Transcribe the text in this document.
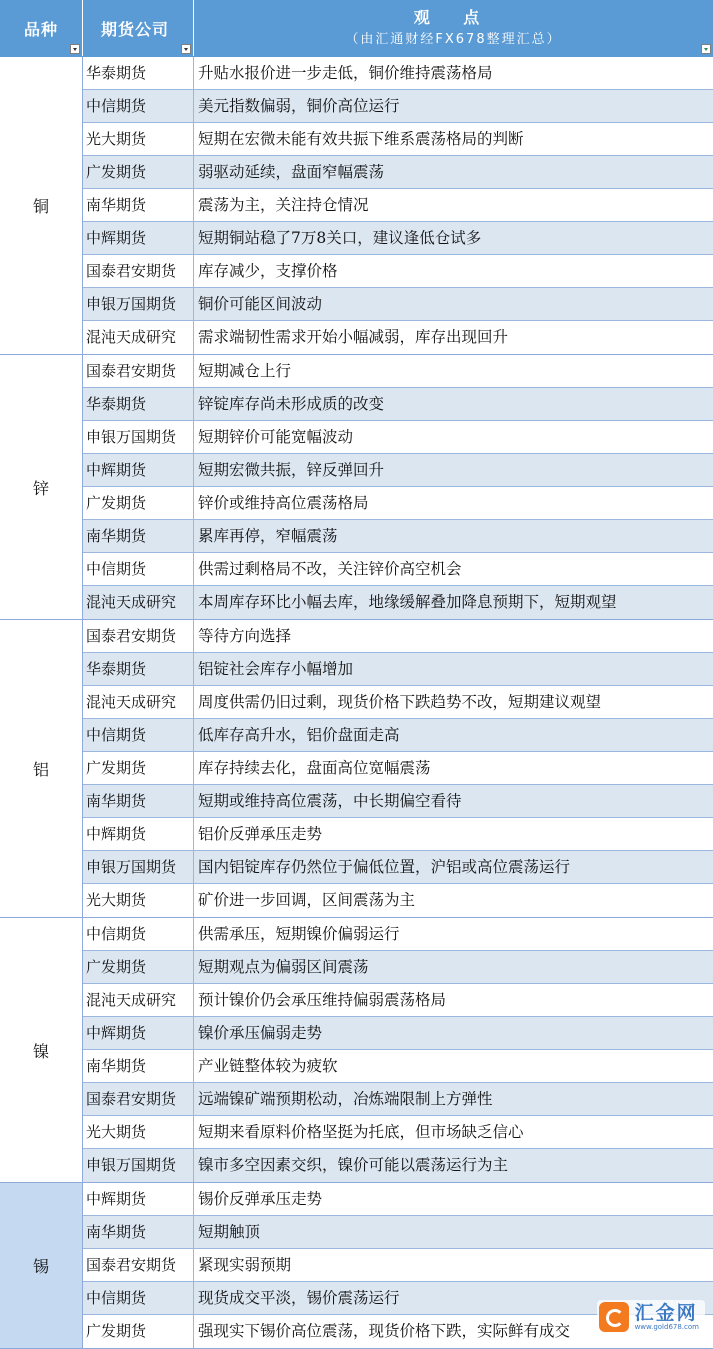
品种	期货公司
观 点
（由汇通财经FX678整理汇总）
铜
华泰期货	升贴水报价进一步走低，铜价维持震荡格局
中信期货	美元指数偏弱，铜价高位运行
光大期货	短期在宏微未能有效共振下维系震荡格局的判断
广发期货	弱驱动延续，盘面窄幅震荡
南华期货	震荡为主，关注持仓情况
中辉期货	短期铜站稳了7万8关口，建议逢低仓试多
国泰君安期货	库存减少，支撑价格
申银万国期货	铜价可能区间波动
混沌天成研究	需求端韧性需求开始小幅减弱，库存出现回升
锌
国泰君安期货	短期减仓上行
华泰期货	锌锭库存尚未形成质的改变
申银万国期货	短期锌价可能宽幅波动
中辉期货	短期宏微共振，锌反弹回升
广发期货	锌价或维持高位震荡格局
南华期货	累库再停，窄幅震荡
中信期货	供需过剩格局不改，关注锌价高空机会
混沌天成研究	本周库存环比小幅去库，地缘缓解叠加降息预期下，短期观望
铝
国泰君安期货	等待方向选择
华泰期货	铝锭社会库存小幅增加
混沌天成研究	周度供需仍旧过剩，现货价格下跌趋势不改，短期建议观望
中信期货	低库存高升水，铝价盘面走高
广发期货	库存持续去化，盘面高位宽幅震荡
南华期货	短期或维持高位震荡，中长期偏空看待
中辉期货	铝价反弹承压走势
申银万国期货	国内铝锭库存仍然位于偏低位置，沪铝或高位震荡运行
光大期货	矿价进一步回调，区间震荡为主
镍
中信期货	供需承压，短期镍价偏弱运行
广发期货	短期观点为偏弱区间震荡
混沌天成研究	预计镍价仍会承压维持偏弱震荡格局
中辉期货	镍价承压偏弱走势
南华期货	产业链整体较为疲软
国泰君安期货	远端镍矿端预期松动，冶炼端限制上方弹性
光大期货	短期来看原料价格坚挺为托底，但市场缺乏信心
申银万国期货	镍市多空因素交织，镍价可能以震荡运行为主
锡
中辉期货	锡价反弹承压走势
南华期货	短期触顶
国泰君安期货	紧现实弱预期
中信期货	现货成交平淡，锡价震荡运行
广发期货	强现实下锡价高位震荡，现货价格下跌，实际鲜有成交
汇金网
www.gold678.com
